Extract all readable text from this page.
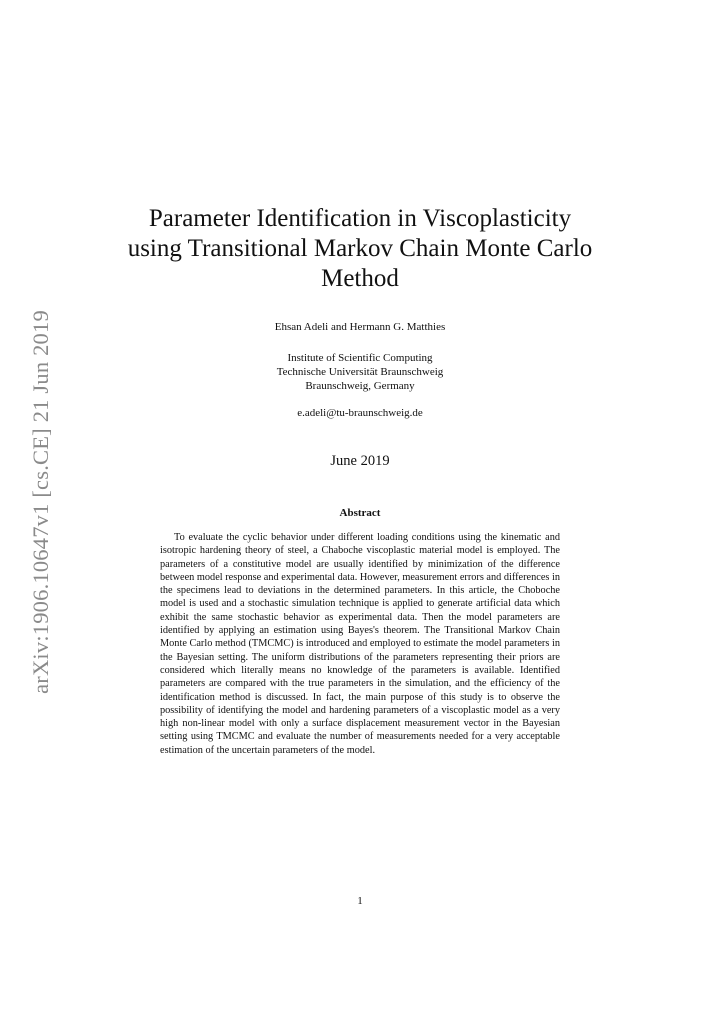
arXiv:1906.10647v1 [cs.CE] 21 Jun 2019
Parameter Identification in Viscoplasticity
using Transitional Markov Chain Monte Carlo
Method
Ehsan Adeli and Hermann G. Matthies
Institute of Scientific Computing
Technische Universität Braunschweig
Braunschweig, Germany
e.adeli@tu-braunschweig.de
June 2019
Abstract

To evaluate the cyclic behavior under different loading conditions using the kinematic and isotropic hardening theory of steel, a Chaboche viscoplastic material model is employed. The parameters of a constitutive model are usually identified by minimization of the difference between model response and experimental data. However, measurement errors and differences in the specimens lead to deviations in the determined parameters. In this article, the Choboche model is used and a stochastic simulation technique is applied to generate artificial data which exhibit the same stochastic behavior as experimental data. Then the model parameters are identified by applying an estimation using Bayes's theorem. The Transitional Markov Chain Monte Carlo method (TMCMC) is introduced and employed to estimate the model parameters in the Bayesian setting. The uniform distributions of the parameters representing their priors are considered which literally means no knowledge of the parameters is available. Identified parameters are compared with the true parameters in the simulation, and the efficiency of the identification method is discussed. In fact, the main purpose of this study is to observe the possibility of identifying the model and hardening parameters of a viscoplastic model as a very high non-linear model with only a surface displacement measurement vector in the Bayesian setting using TMCMC and evaluate the number of measurements needed for a very acceptable estimation of the uncertain parameters of the model.

1
